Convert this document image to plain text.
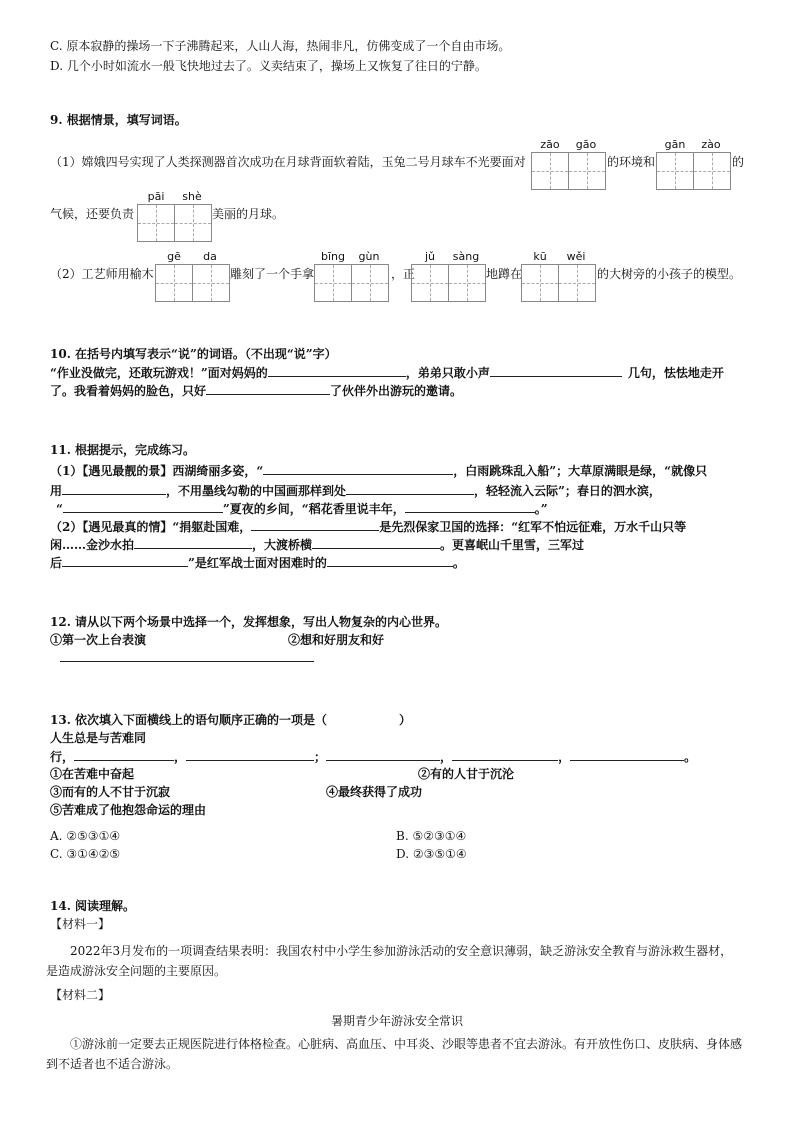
C. 原本寂静的操场一下子沸腾起来，人山人海，热闹非凡，仿佛变成了一个自由市场。
D. 几个小时如流水一般飞快地过去了。义卖结束了，操场上又恢复了往日的宁静。
9. 根据情景，填写词语。
（1）嫦娥四号实现了人类探测器首次成功在月球背面软着陆，玉兔二号月球车不光要面对
zāo	gāo
的环境和
gān	zào
的
气候，还要负责
pāi	shè
美丽的月球。
（2）工艺师用榆木
gē	da
雕刻了一个手拿
bīng	gùn
，正
jǔ	sàng
地蹲在
kū	wěi
的大树旁的小孩子的模型。
10. 在括号内填写表示“说”的词语。（不出现“说”字）
“作业没做完，还敢玩游戏！”面对妈妈的	，弟弟只敢小声	几句，怯怯地走开
了。我看着妈妈的脸色，只好	了伙伴外出游玩的邀请。
11. 根据提示，完成练习。
（1）【遇见最靓的景】西湖绮丽多姿，“	，白雨跳珠乱入船”；大草原满眼是绿，“就像只
用	，不用墨线勾勒的中国画那样到处	，轻轻流入云际”；春日的泗水滨，
“	”夏夜的乡间，“稻花香里说丰年，	。”
（2）【遇见最真的情】“捐躯赴国难，	是先烈保家卫国的选择：“红军不怕远征难，万水千山只等
闲……金沙水拍	，大渡桥横	。更喜岷山千里雪，三军过
后	”是红军战士面对困难时的	。
12. 请从以下两个场景中选择一个，发挥想象，写出人物复杂的内心世界。
①第一次上台表演	②想和好朋友和好
13. 依次填入下面横线上的语句顺序正确的一项是（　　　　　　）
人生总是与苦难同
行，	，	；	，	，	。
①在苦难中奋起	②有的人甘于沉沦
③而有的人不甘于沉寂	④最终获得了成功
⑤苦难成了他抱怨命运的理由
A. ②⑤③①④	B. ⑤②③①④
C. ③①④②⑤	D. ②③⑤①④
14. 阅读理解。
【材料一】
2022年3月发布的一项调查结果表明：我国农村中小学生参加游泳活动的安全意识薄弱，缺乏游泳安全教育与游泳救生器材，是造成游泳安全问题的主要原因。
【材料二】
暑期青少年游泳安全常识
①游泳前一定要去正规医院进行体格检查。心脏病、高血压、中耳炎、沙眼等患者不宜去游泳。有开放性伤口、皮肤病、身体感到不适者也不适合游泳。
